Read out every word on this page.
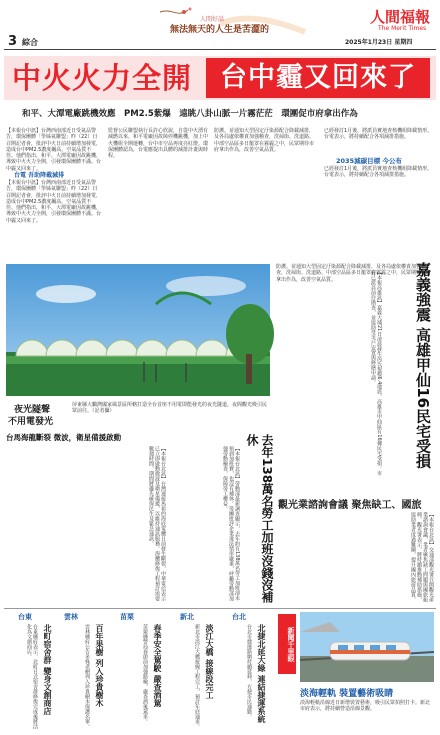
3 綜合
人間好話
無法無天的人生是苦澀的
人間福報
The Merit Times
2025年1月23日 星期四
中火火力全開	台中霾又回來了
和平、大潭電廠跳機效應　PM2.5紫爆　遠眺八卦山脈一片霧茫茫　環團促市府拿出作為
【本報台中訊】台灣西南部近日受氣品警告，環保團體「學姊氣聯盟」昨（22）日召開記者會，批評中火日前持續增加發電，造成台中PM2.5濃度飆高，空氣品質不佳。他們指出，和平、大潭電廠因故跳機，導致中火火力全開，引發環保團體不滿。台中霾又回來了。
台電 吾助降載減排
【本報台中訊】台灣西南部近日受氣品警告，環保團體「學姊氣聯盟」昨（22）日召開記者會，批評中火日前持續增加發電，造成台中PM2.5濃度飆高，空氣品質不佳。他們指出，和平、大潭電廠因故跳機，導致中火火力全開，引發環保團體不滿。台中霾又回來了。
監督公民聯盟執行長許心欣說，自從中火湧有減燃以來，和平電廠因故障停機跳機，加上中火機組全開運轉，台中市空品再度亮紅燈。環保團體認為，台電應提出具體的減排計畫與時程。
防護。並通知大型固定汙染源配合降載減排，及各局處依權責加強稽查，洗掃街、洗道路。中部空品區多日籠罩在霧霾之中，民眾期待市府拿出作為，改善空氣品質。
已經發訂1月後，將派員實地查核機組降載情形。台電表示，將持續配合各項減排措施。
2035減碳目標 今公布
已經發訂1月後，將派員實地查核機組降載情形。台電表示，將持續配合各項減排措施。
夜光隧聲
不用電發光
屏東縣大鵬灣國家風景區所轄打造全台首座不用電即能發光的夜光隧道，夜間觀光吸引民眾前往。（記者攝）
防護。並通知大型固定汙染源配合降載減排，及各局處依權責加強稽查，洗掃街、洗道路。中部空品區多日籠罩在霧霾之中，民眾期待市府拿出作為，改善空氣品質。	嘉義強震 高雄甲仙16民宅受損
【本報高雄訊】嘉義大埔21日凌晨發生芮氏規模6.4地震，高雄市甲仙區有16棟民宅受損。市府已派員前往勘查，並協助受災戶安置與修繕申請。
觀光業諮詢會議 聚焦缺工、國旅
【本報台北訊】交通部觀光署召開觀光產業諮詢會議，業者聚焦缺工問題與國旅振興。觀光署表示，將持續推動補助措施，協助業者度過難關，提升國內旅遊品質。
台馬海龍斷裂 微波，衛星備援啟動
【本報台北訊】台灣連接馬祖的海底電纜日前發生斷裂，中華電信表示已立即啟動微波及衛星備援，以維持通訊服務。海纜修復工程預計需要數週時間，期間將優先確保民生及緊急通訊。	去年138萬名勞工加班沒錢沒補休
【本報台北訊】勞動部最新調查顯示，去年約有138萬名勞工加班卻未領到加班費，也沒有補休。勞團批評企業違法情形嚴重，呼籲勞動部加強勞動檢查，保障勞工權益。
台東	雲林	苗栗	新北	台北
北町宿舍群 變身文創商店
台東縣府表示，北町日式宿舍群修復完成後將活化為文創商店。	百年果樹 列入珍貴樹木
雲林縣府公告多株老樹列入珍貴樹木保護名單。	春季安全駕駛 嚴查酒駕
苗栗縣警局春節前加強路檢，嚴查酒後駕車。	淡江大橋 接線段完工
新北市淡江大橋接線工程完工，預計年底通車。	北捷北延大綠 連結捷運系統
台北市捷運路網持續延伸，方便市民通勤。	新聞千里眼
淡海輕軌 裝置藝術吸睛
淡海輕軌沿線近日新增裝置藝術，吸引民眾拍照打卡。新北市府表示，將持續營造沿線景觀。
